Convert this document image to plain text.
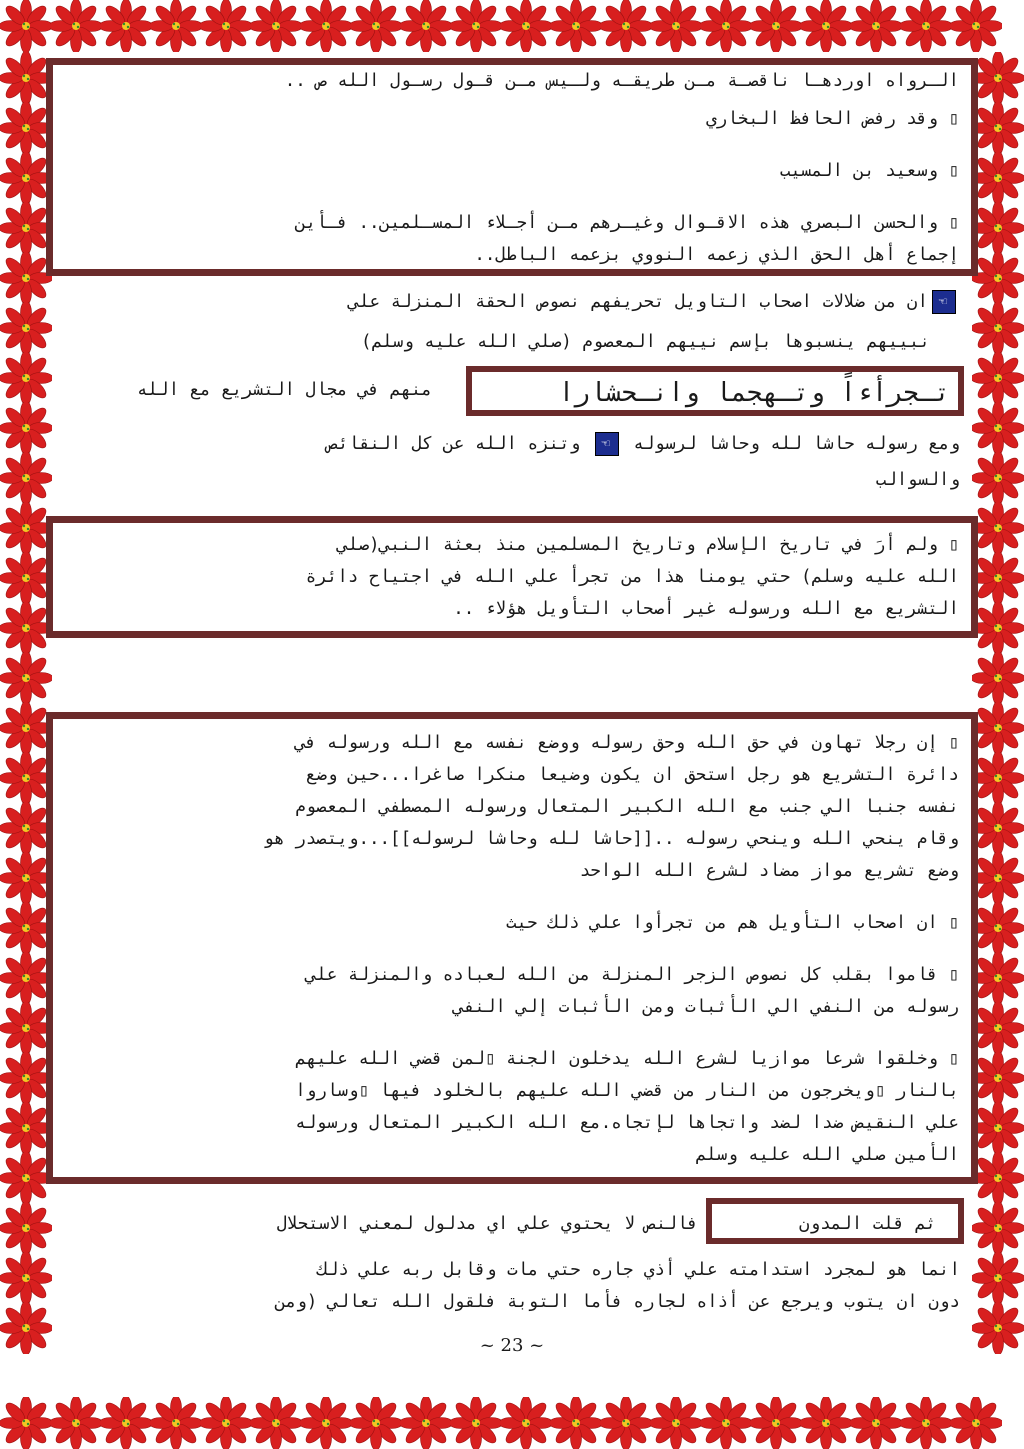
الـرواه اوردهـا ناقصـة مـن طريقـه ولـيس مـن قـول رسـول الله ص ..
▯ وقد رفض الحافظ البخاري
▯ وسعيد بن المسيب
▯ والحسن البصري هذه الاقـوال وغيـرهم مـن أجـلاء المسـلمين.. فـأين
إجماع أهل الحق الذي زعمه النووي بزعمه الباطل..
☜ان من ضلالات اصحاب التاويل تحريفهم نصوص الحقة المنزلة علي
نبييهم ينسبوها بإسم نييهم المعصوم (صلي الله عليه وسلم)
تـجرأءاً وتـهجما وانـحشارا
منهم في مجال التشريع مع الله
ومع رسوله حاشا لله وحاشا لرسوله ☜ وتنزه الله عن كل النقائص
والسوالب
▯ ولم أرَ في تاريخ الإسلام وتاريخ المسلمين منذ بعثة النبي(صلي
الله عليه وسلم) حتي يومنا هذا من تجرأ علي الله في اجتياح دائرة
التشريع مع الله ورسوله غير أصحاب التأويل هؤلاء ..
▯ إن رجلا تهاون في حق الله وحق رسوله ووضع نفسه مع الله ورسوله في
دائرة التشريع هو رجل استحق ان يكون وضيعا منكرا صاغرا...حين وضع
نفسه جنبا الي جنب مع الله الكبير المتعال ورسوله المصطفي المعصوم
وقام ينحي الله وينحي رسوله ..[[حاشا لله وحاشا لرسوله]]...ويتصدر هو
وضع تشريع مواز مضاد لشرع الله الواحد
▯ ان اصحاب التأويل هم من تجرأوا علي ذلك حيث
▯ قاموا بقلب كل نصوص الزجر المنزلة من الله لعباده والمنزلة علي
رسوله من النفي الي الأثبات ومن الأثبات إلي النفي
▯ وخلقوا شرعا موازيا لشرع الله يدخلون الجنة ▯لمن قضي الله عليهم
بالنار ▯ويخرجون من النار من قضي الله عليهم بالخلود فيها ▯وساروا
علي النقيض ضدا لضد واتجاها لإتجاه.مع الله الكبير المتعال ورسوله
الأمين صلي الله عليه وسلم
ثم قلت المدون
فالنص لا يحتوي علي اي مدلول لمعني الاستحلال
انما هو لمجرد استدامته علي أذي جاره حتي مات وقابل ربه علي ذلك
دون ان يتوب ويرجع عن أذاه لجاره فأما التوبة فلقول الله تعالي (ومن
~ 23 ~
